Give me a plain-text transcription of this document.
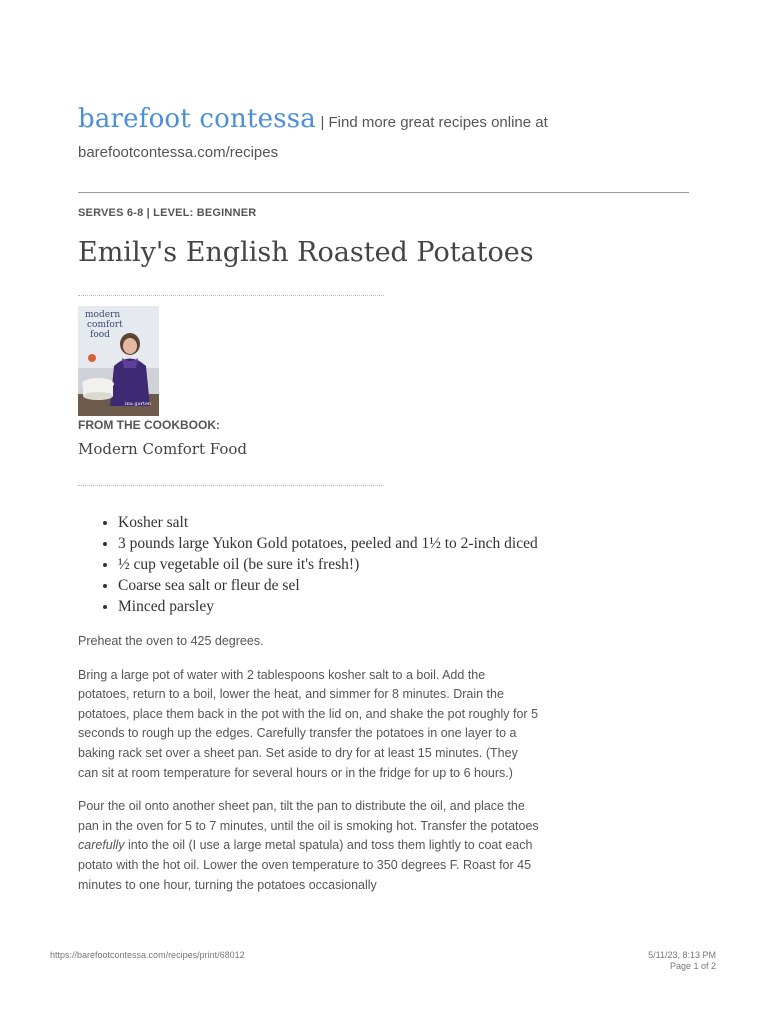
barefoot contessa | Find more great recipes online at
barefootcontessa.com/recipes
SERVES 6-8 | LEVEL: BEGINNER
Emily's English Roasted Potatoes
modern
comfort
food
ina garten
FROM THE COOKBOOK:
Modern Comfort Food
• Kosher salt
• 3 pounds large Yukon Gold potatoes, peeled and 1½ to 2-inch diced
• ½ cup vegetable oil (be sure it's fresh!)
• Coarse sea salt or fleur de sel
• Minced parsley

Preheat the oven to 425 degrees.

Bring a large pot of water with 2 tablespoons kosher salt to a boil. Add the potatoes, return to a boil, lower the heat, and simmer for 8 minutes. Drain the potatoes, place them back in the pot with the lid on, and shake the pot roughly for 5 seconds to rough up the edges. Carefully transfer the potatoes in one layer to a baking rack set over a sheet pan. Set aside to dry for at least 15 minutes. (They can sit at room temperature for several hours or in the fridge for up to 6 hours.)

Pour the oil onto another sheet pan, tilt the pan to distribute the oil, and place the pan in the oven for 5 to 7 minutes, until the oil is smoking hot. Transfer the potatoes carefully into the oil (I use a large metal spatula) and toss them lightly to coat each potato with the hot oil. Lower the oven temperature to 350 degrees F. Roast for 45 minutes to one hour, turning the potatoes occasionally

https://barefootcontessa.com/recipes/print/68012	5/11/23, 8:13 PM
Page 1 of 2
